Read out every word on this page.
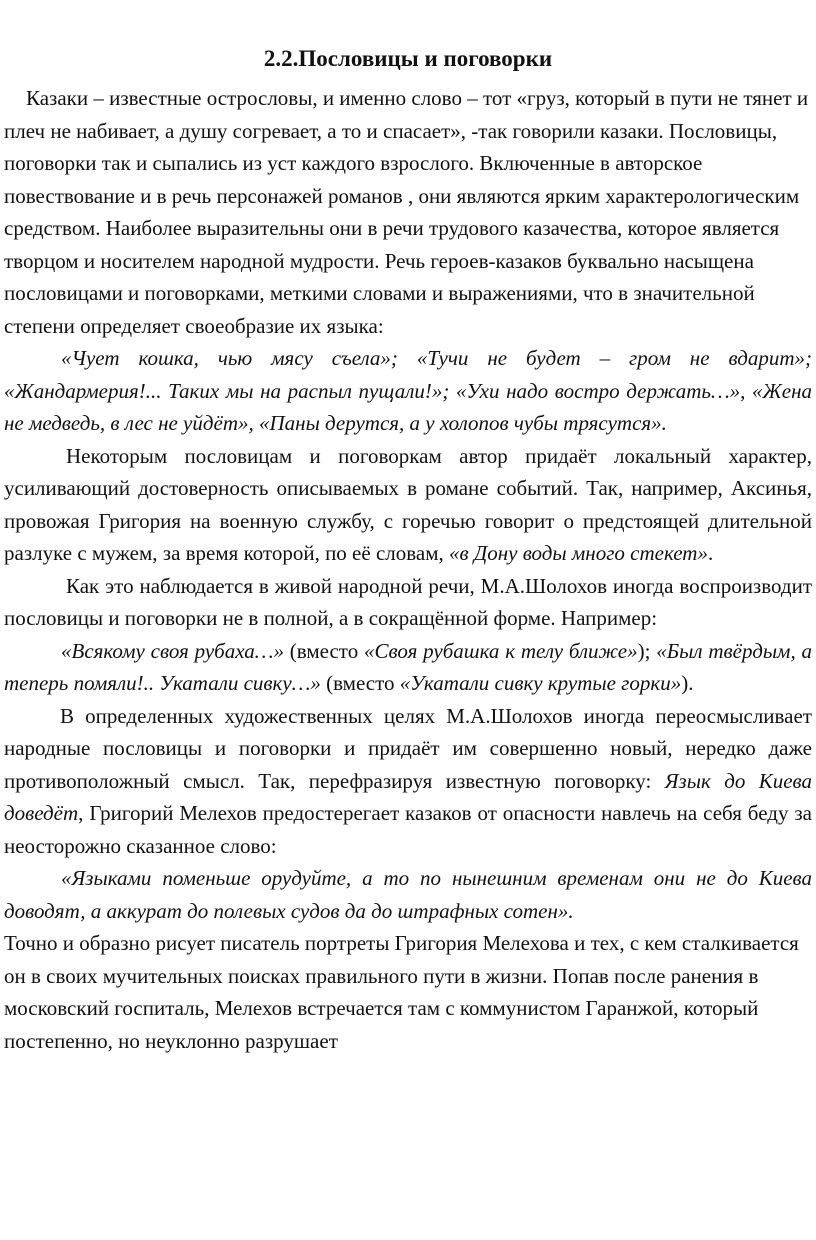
2.2.Пословицы и поговорки

Казаки – известные острословы, и именно слово – тот «груз, который в пути не тянет и плеч не набивает, а душу согревает, а то и спасает», -так говорили казаки. Пословицы, поговорки так и сыпались из уст каждого взрослого. Включенные в авторское повествование и в речь персонажей романов , они являются ярким характерологическим средством. Наиболее выразительны они в речи трудового казачества, которое является творцом и носителем народной мудрости. Речь героев-казаков буквально насыщена пословицами и поговорками, меткими словами и выражениями, что в значительной степени определяет своеобразие их языка:

«Чует кошка, чью мясу съела»; «Тучи не будет – гром не вдарит»; «Жандармерия!... Таких мы на распыл пущали!»; «Ухи надо востро держать…», «Жена не медведь, в лес не уйдёт», «Паны дерутся, а у холопов чубы трясутся».

Некоторым пословицам и поговоркам автор придаёт локальный характер, усиливающий достоверность описываемых в романе событий. Так, например, Аксинья, провожая Григория на военную службу, с горечью говорит о предстоящей длительной разлуке с мужем, за время которой, по её словам, «в Дону воды много стекет».

Как это наблюдается в живой народной речи, М.А.Шолохов иногда воспроизводит пословицы и поговорки не в полной, а в сокращённой форме. Например:

«Всякому своя рубаха…» (вместо «Своя рубашка к телу ближе»); «Был твёрдым, а теперь помяли!.. Укатали сивку…» (вместо «Укатали сивку крутые горки»).

В определенных художественных целях М.А.Шолохов иногда переосмысливает народные пословицы и поговорки и придаёт им совершенно новый, нередко даже противоположный смысл. Так, перефразируя известную поговорку: Язык до Киева доведёт, Григорий Мелехов предостерегает казаков от опасности навлечь на себя беду за неосторожно сказанное слово:

«Языками поменьше орудуйте, а то по нынешним временам они не до Киева доводят, а аккурат до полевых судов да до штрафных сотен».

Точно и образно рисует писатель портреты Григория Мелехова и тех, с кем сталкивается он в своих мучительных поисках правильного пути в жизни. Попав после ранения в московский госпиталь, Мелехов встречается там с коммунистом Гаранжой, который постепенно, но неуклонно разрушает
